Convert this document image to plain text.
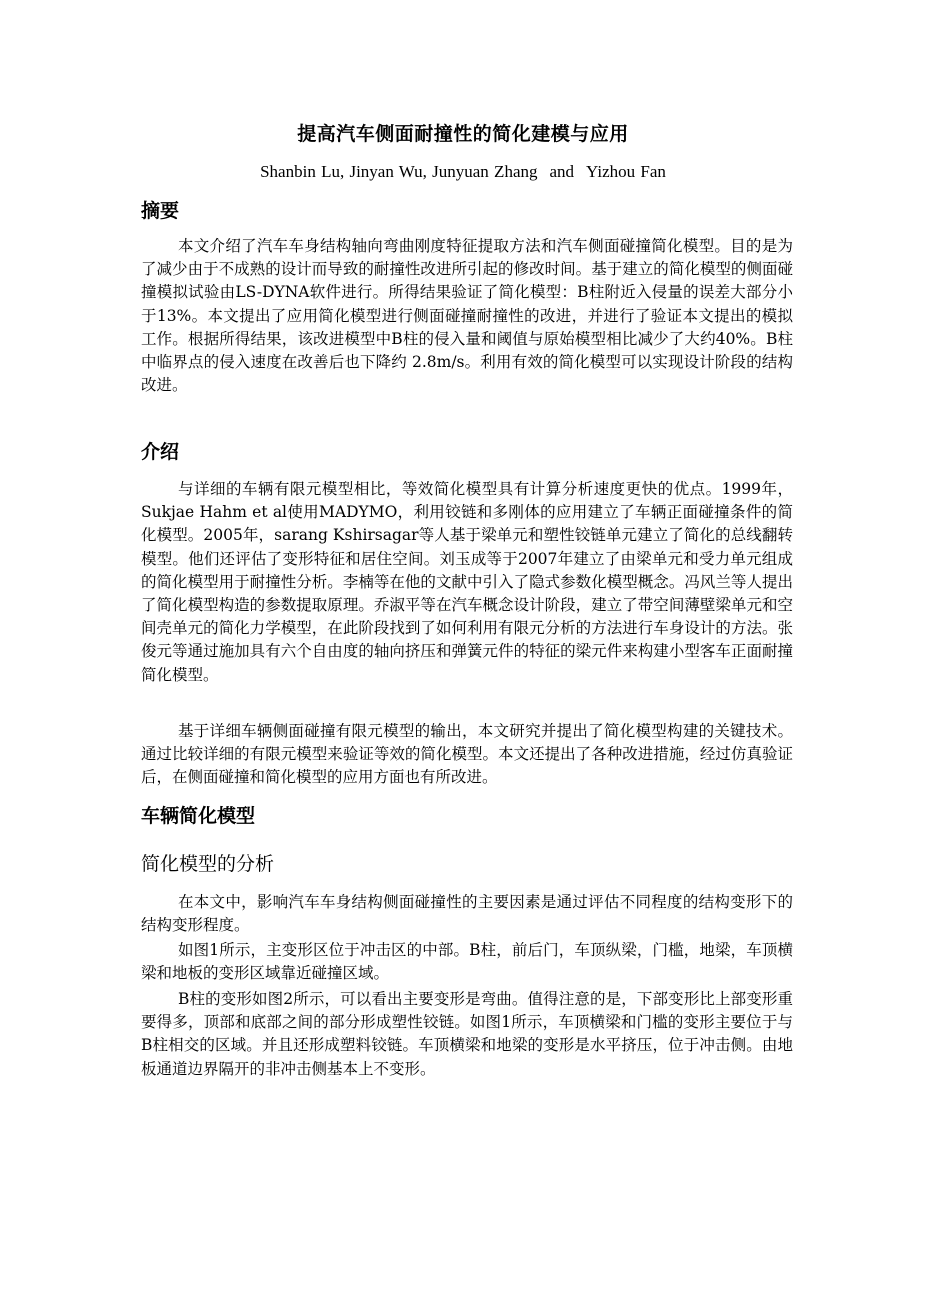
提高汽车侧面耐撞性的简化建模与应用
Shanbin Lu, Jinyan Wu, Junyuan Zhang and Yizhou Fan
摘要

本文介绍了汽车车身结构轴向弯曲刚度特征提取方法和汽车侧面碰撞简化模型。目的是为了减少由于不成熟的设计而导致的耐撞性改进所引起的修改时间。基于建立的简化模型的侧面碰撞模拟试验由LS-DYNA软件进行。所得结果验证了简化模型：B柱附近入侵量的误差大部分小于13%。本文提出了应用简化模型进行侧面碰撞耐撞性的改进，并进行了验证本文提出的模拟工作。根据所得结果，该改进模型中B柱的侵入量和阈值与原始模型相比减少了大约40%。B柱中临界点的侵入速度在改善后也下降约 2.8m/s。利用有效的简化模型可以实现设计阶段的结构改进。

介绍

与详细的车辆有限元模型相比，等效简化模型具有计算分析速度更快的优点。1999年，Sukjae Hahm et al使用MADYMO，利用铰链和多刚体的应用建立了车辆正面碰撞条件的简化模型。2005年，sarang Kshirsagar等人基于梁单元和塑性铰链单元建立了简化的总线翻转模型。他们还评估了变形特征和居住空间。刘玉成等于2007年建立了由梁单元和受力单元组成的简化模型用于耐撞性分析。李楠等在他的文献中引入了隐式参数化模型概念。冯风兰等人提出了简化模型构造的参数提取原理。乔淑平等在汽车概念设计阶段，建立了带空间薄壁梁单元和空间壳单元的简化力学模型，在此阶段找到了如何利用有限元分析的方法进行车身设计的方法。张俊元等通过施加具有六个自由度的轴向挤压和弹簧元件的特征的梁元件来构建小型客车正面耐撞简化模型。

基于详细车辆侧面碰撞有限元模型的输出，本文研究并提出了简化模型构建的关键技术。通过比较详细的有限元模型来验证等效的简化模型。本文还提出了各种改进措施，经过仿真验证后，在侧面碰撞和简化模型的应用方面也有所改进。

车辆简化模型
简化模型的分析

在本文中，影响汽车车身结构侧面碰撞性的主要因素是通过评估不同程度的结构变形下的结构变形程度。

如图1所示，主变形区位于冲击区的中部。B柱，前后门，车顶纵梁，门槛，地梁，车顶横梁和地板的变形区域靠近碰撞区域。

B柱的变形如图2所示，可以看出主要变形是弯曲。值得注意的是，下部变形比上部变形重要得多，顶部和底部之间的部分形成塑性铰链。如图1所示，车顶横梁和门槛的变形主要位于与B柱相交的区域。并且还形成塑料铰链。车顶横梁和地梁的变形是水平挤压，位于冲击侧。由地板通道边界隔开的非冲击侧基本上不变形。
